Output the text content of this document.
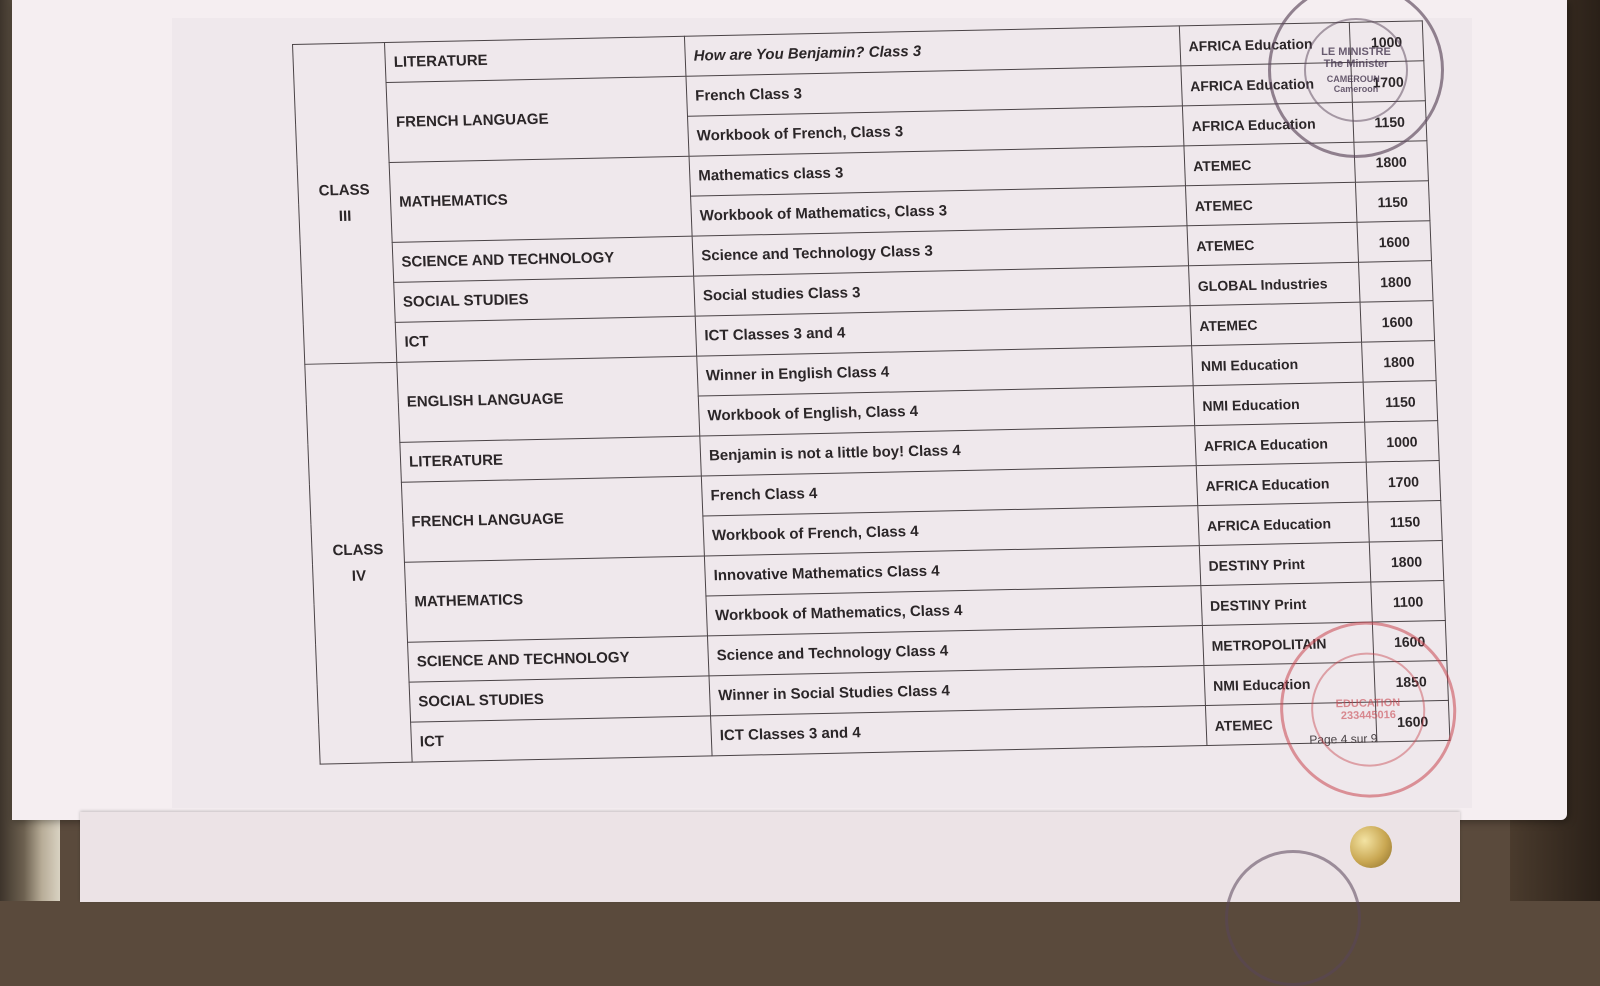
CLASS
III	LITERATURE	How are You Benjamin? Class 3	AFRICA Education	1000
	FRENCH LANGUAGE	French Class 3	AFRICA Education	1700
		Workbook of French, Class 3	AFRICA Education	1150
	MATHEMATICS	Mathematics class 3	ATEMEC	1800
		Workbook of Mathematics, Class 3	ATEMEC	1150
	SCIENCE AND TECHNOLOGY	Science and Technology Class 3	ATEMEC	1600
	SOCIAL STUDIES	Social studies Class 3	GLOBAL Industries	1800
	ICT	ICT Classes 3 and 4	ATEMEC	1600

CLASS
IV	ENGLISH LANGUAGE	Winner in English Class 4	NMI Education	1800
		Workbook of English, Class 4	NMI Education	1150
	LITERATURE	Benjamin is not a little boy! Class 4	AFRICA Education	1000
	FRENCH LANGUAGE	French Class 4	AFRICA Education	1700
		Workbook of French, Class 4	AFRICA Education	1150
	MATHEMATICS	Innovative Mathematics Class 4	DESTINY Print	1800
		Workbook of Mathematics, Class 4	DESTINY Print	1100
	SCIENCE AND TECHNOLOGY	Science and Technology Class 4	METROPOLITAIN	1600
	SOCIAL STUDIES	Winner in Social Studies Class 4	NMI Education	1850
	ICT	ICT Classes 3 and 4	ATEMEC	1600
Page 4 sur 9
EDUCATION
233445016
LE MINISTRE
The Minister
CAMEROUN · Cameroon
